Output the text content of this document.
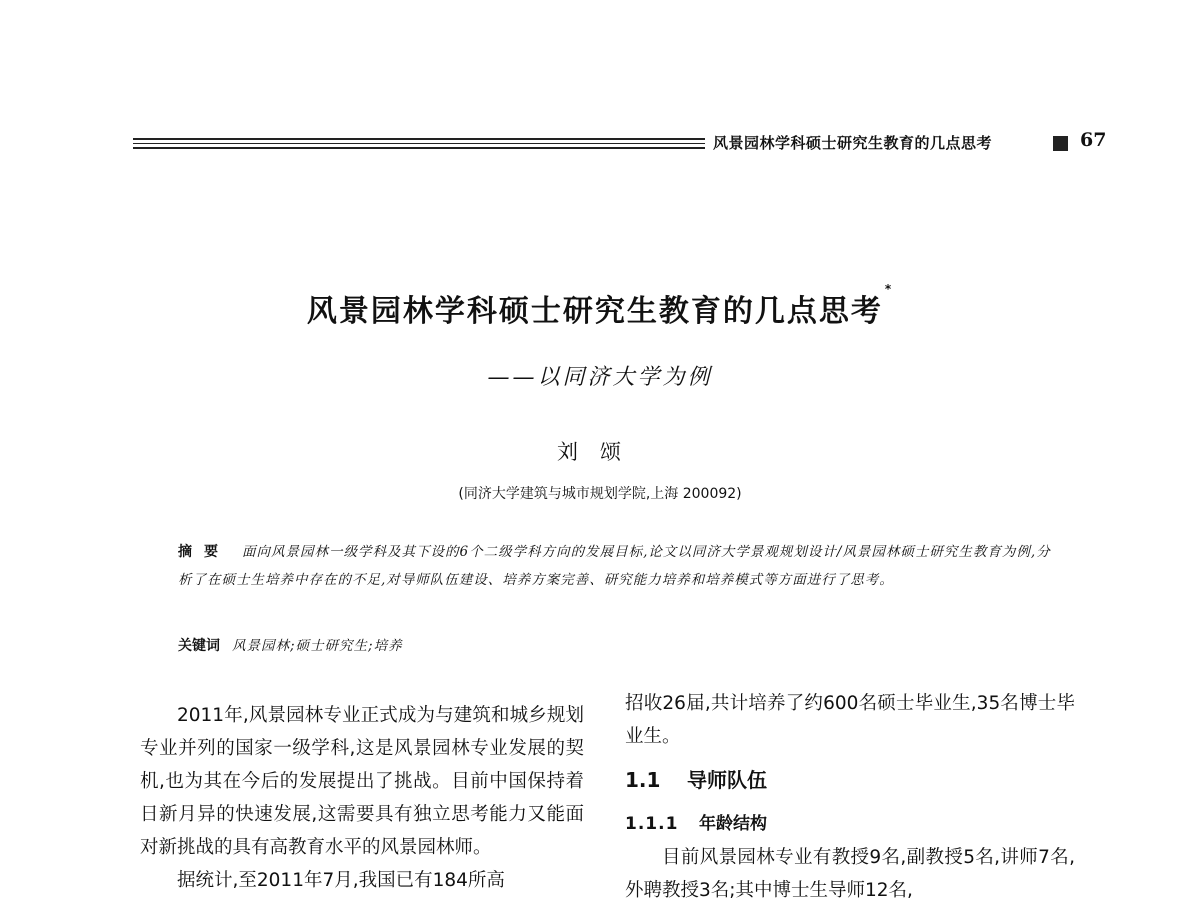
风景园林学科硕士研究生教育的几点思考	67
风景园林学科硕士研究生教育的几点思考*
——以同济大学为例
刘颂
(同济大学建筑与城市规划学院,上海 200092)
摘要 面向风景园林一级学科及其下设的6个二级学科方向的发展目标,论文以同济大学景观规划设计/风景园林硕士研究生教育为例,分析了在硕士生培养中存在的不足,对导师队伍建设、培养方案完善、研究能力培养和培养模式等方面进行了思考。
关键词 风景园林;硕士研究生;培养

2011年,风景园林专业正式成为与建筑和城乡规划专业并列的国家一级学科,这是风景园林专业发展的契机,也为其在今后的发展提出了挑战。目前中国保持着日新月异的快速发展,这需要具有独立思考能力又能面对新挑战的具有高教育水平的风景园林师。

据统计,至2011年7月,我国已有184所高

招收26届,共计培养了约600名硕士毕业生,35名博士毕业生。

1.1 导师队伍

1.1.1 年龄结构

目前风景园林专业有教授9名,副教授5名,讲师7名,外聘教授3名;其中博士生导师12名,
